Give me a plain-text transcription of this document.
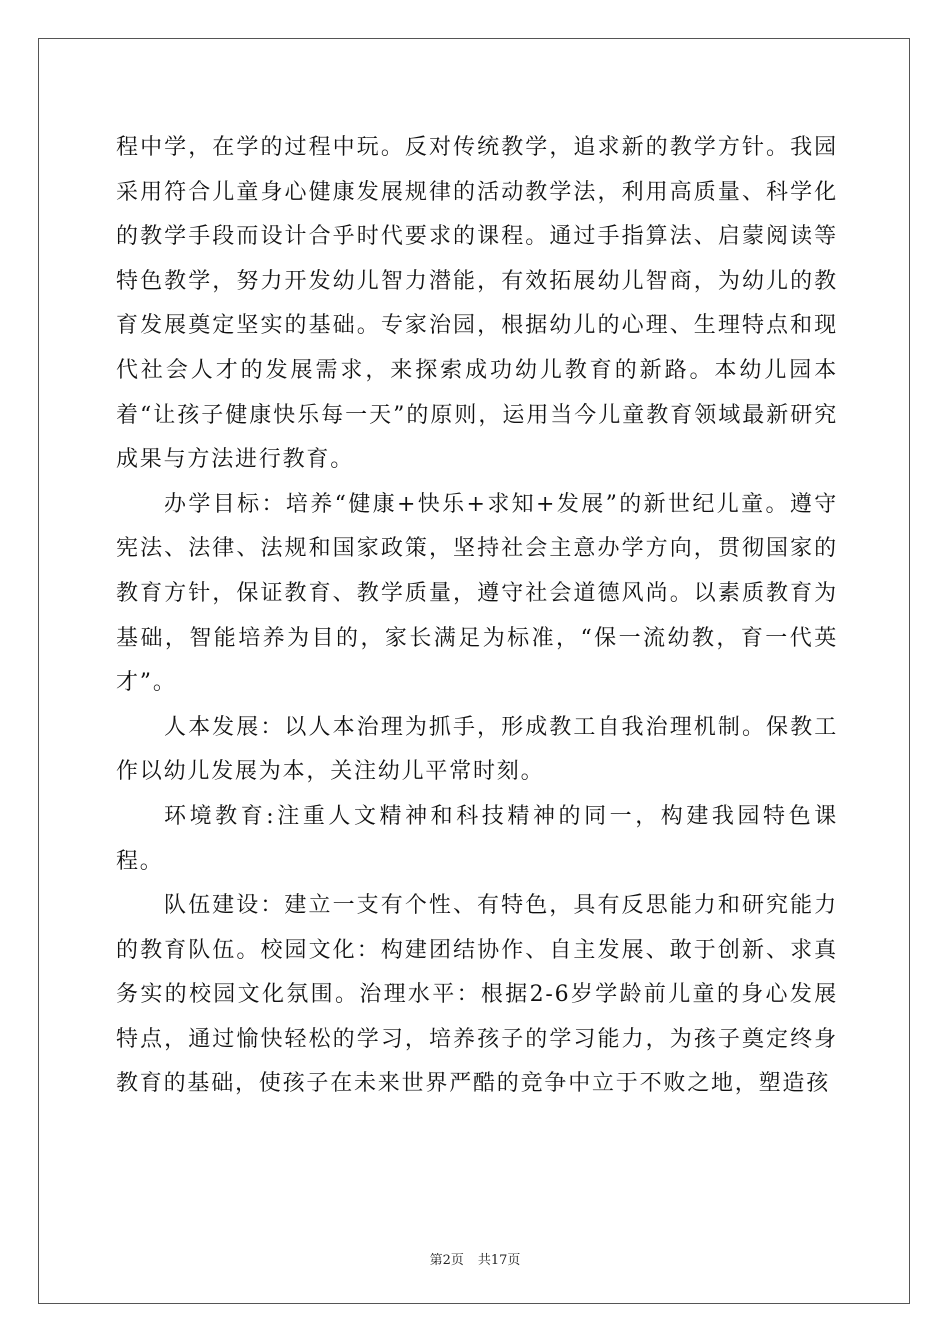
程中学，在学的过程中玩。反对传统教学，追求新的教学方针。我园采用符合儿童身心健康发展规律的活动教学法，利用高质量、科学化的教学手段而设计合乎时代要求的课程。通过手指算法、启蒙阅读等特色教学，努力开发幼儿智力潜能，有效拓展幼儿智商，为幼儿的教育发展奠定坚实的基础。专家治园，根据幼儿的心理、生理特点和现代社会人才的发展需求，来探索成功幼儿教育的新路。本幼儿园本着“让孩子健康快乐每一天”的原则，运用当今儿童教育领域最新研究成果与方法进行教育。

办学目标：培养“健康+快乐+求知+发展”的新世纪儿童。遵守宪法、法律、法规和国家政策，坚持社会主意办学方向，贯彻国家的教育方针，保证教育、教学质量，遵守社会道德风尚。以素质教育为基础，智能培养为目的，家长满足为标准，“保一流幼教，育一代英才”。

人本发展：以人本治理为抓手，形成教工自我治理机制。保教工作以幼儿发展为本，关注幼儿平常时刻。

环境教育:注重人文精神和科技精神的同一，构建我园特色课程。

队伍建设：建立一支有个性、有特色，具有反思能力和研究能力的教育队伍。校园文化：构建团结协作、自主发展、敢于创新、求真务实的校园文化氛围。治理水平：根据2-6岁学龄前儿童的身心发展特点，通过愉快轻松的学习，培养孩子的学习能力，为孩子奠定终身教育的基础，使孩子在未来世界严酷的竞争中立于不败之地，塑造孩

第2页 共17页
